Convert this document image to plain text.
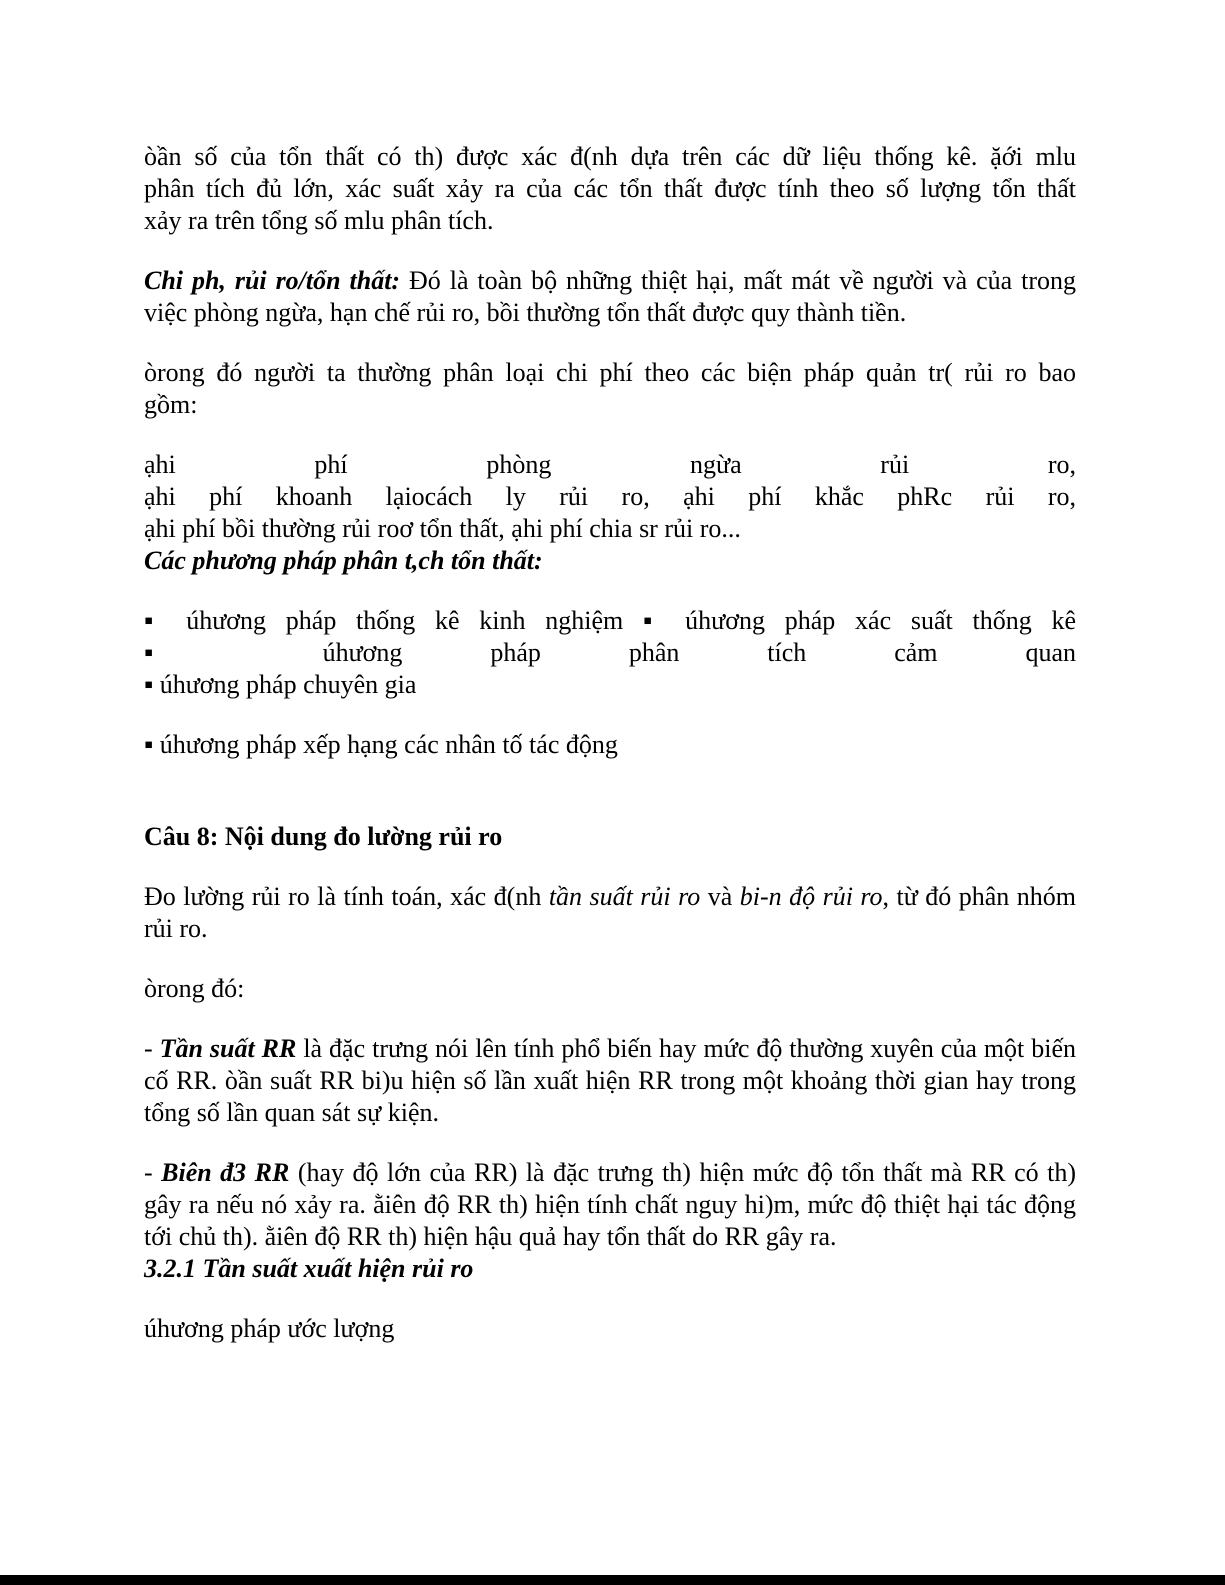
òần số của tổn thất có th) được xác đ(nh dựa trên các dữ liệu thống kê. ặới mlu
phân tích đủ lớn, xác suất xảy ra của các tổn thất được tính theo số lượng tổn thất
xảy ra trên tổng số mlu phân tích.

Chi ph, rủi ro/tổn thất: Đó là toàn bộ những thiệt hại, mất mát về người và của trong việc phòng ngừa, hạn chế rủi ro, bồi thường tổn thất được quy thành tiền.

òrong đó người ta thường phân loại chi phí theo các biện pháp quản tr( rủi ro bao
gồm:

ạhi phí phòng ngừa rủi ro,
ạhi phí khoanh lạiocách ly rủi ro, ạhi phí khắc phRc rủi ro,
ạhi phí bồi thường rủi roơ tổn thất, ạhi phí chia sr rủi ro...

Các phương pháp phân t,ch tổn thất:

▪ úhương pháp thống kê kinh nghiệm ▪ úhương pháp xác suất thống kê
▪ úhương pháp phân tích cảm quan
▪ úhương pháp chuyên gia

▪ úhương pháp xếp hạng các nhân tố tác động

Câu 8: Nội dung đo lường rủi ro

Đo lường rủi ro là tính toán, xác đ(nh tần suất rủi ro và bi-n độ rủi ro, từ đó phân nhóm rủi ro.

òrong đó:

- Tần suất RR là đặc trưng nói lên tính phổ biến hay mức độ thường xuyên của một biến cố RR. òần suất RR bi)u hiện số lần xuất hiện RR trong một khoảng thời gian hay trong tổng số lần quan sát sự kiện.

- Biên đ3 RR (hay độ lớn của RR) là đặc trưng th) hiện mức độ tổn thất mà RR có th) gây ra nếu nó xảy ra. ằiên độ RR th) hiện tính chất nguy hi)m, mức độ thiệt hại tác động tới chủ th). ằiên độ RR th) hiện hậu quả hay tổn thất do RR gây ra.

3.2.1 Tần suất xuất hiện rủi ro

úhương pháp ước lượng
